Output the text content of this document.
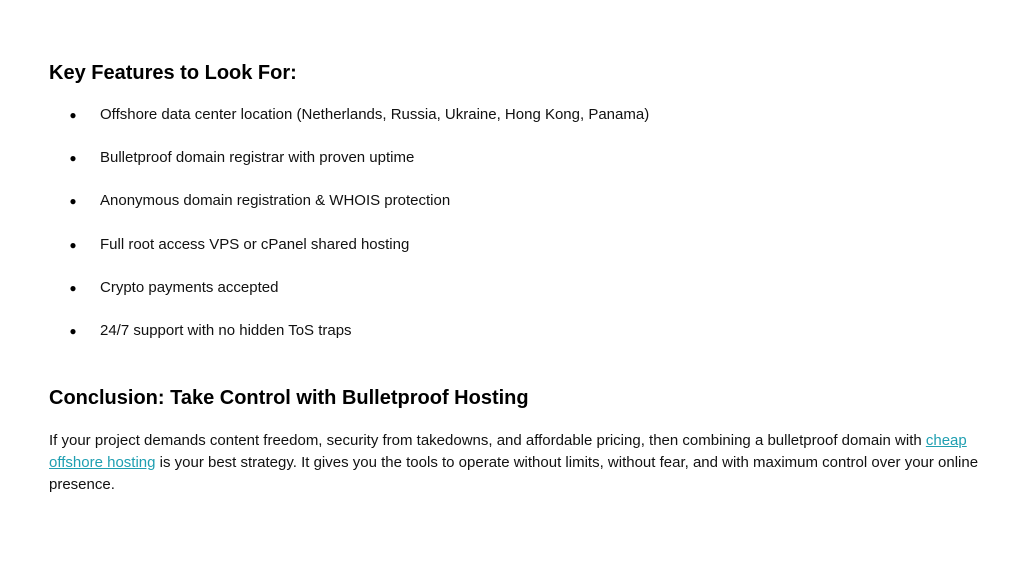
Key Features to Look For:
● Offshore data center location (Netherlands, Russia, Ukraine, Hong Kong, Panama)
● Bulletproof domain registrar with proven uptime
● Anonymous domain registration & WHOIS protection
● Full root access VPS or cPanel shared hosting
● Crypto payments accepted
● 24/7 support with no hidden ToS traps
Conclusion: Take Control with Bulletproof Hosting

If your project demands content freedom, security from takedowns, and affordable pricing, then combining a bulletproof domain with cheap offshore hosting is your best strategy. It gives you the tools to operate without limits, without fear, and with maximum control over your online presence.
